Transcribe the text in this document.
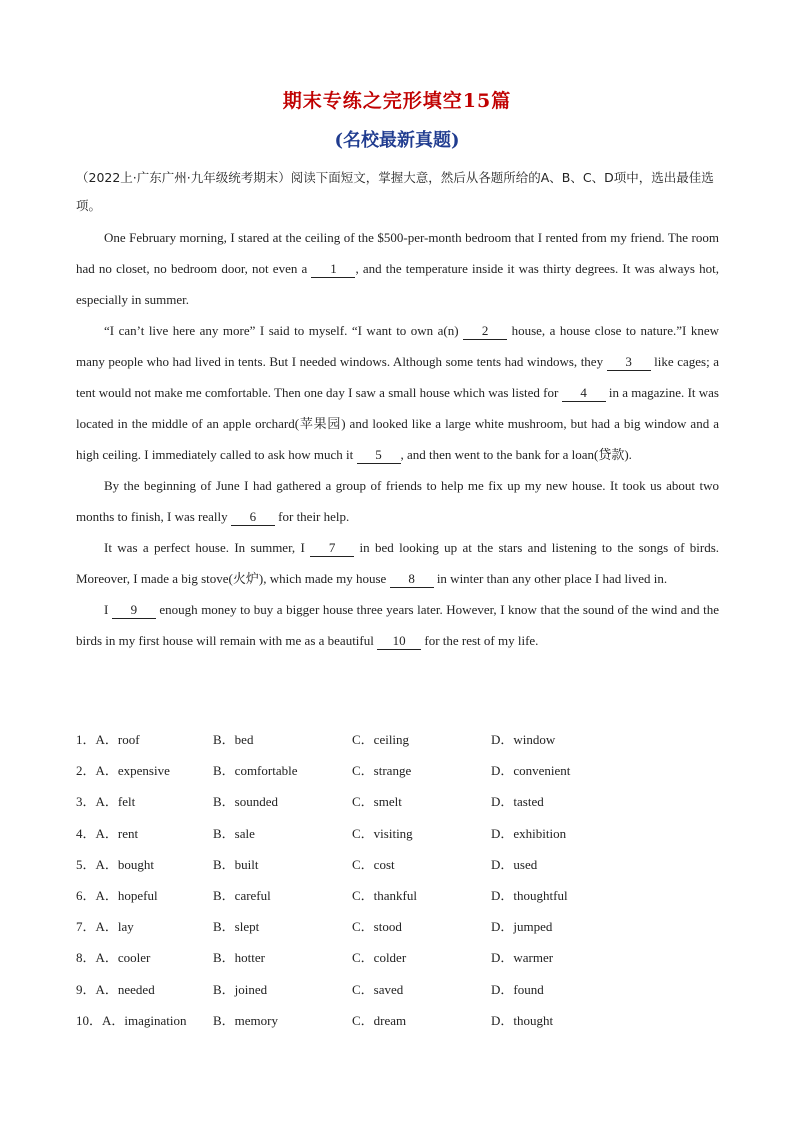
期末专练之完形填空15篇
(名校最新真题)
（2022上·广东广州·九年级统考期末）阅读下面短文，掌握大意，然后从各题所给的A、B、C、D项中，选出最佳选项。

One February morning, I stared at the ceiling of the $500-per-month bedroom that I rented from my friend. The room had no closet, no bedroom door, not even a 1 , and the temperature inside it was thirty degrees. It was always hot, especially in summer.

“I can’t live here any more” I said to myself. “I want to own a(n) 2 house, a house close to nature.”I knew many people who had lived in tents. But I needed windows. Although some tents had windows, they 3 like cages; a tent would not make me comfortable. Then one day I saw a small house which was listed for 4 in a magazine. It was located in the middle of an apple orchard(苹果园) and looked like a large white mushroom, but had a big window and a high ceiling. I immediately called to ask how much it 5 , and then went to the bank for a loan(贷款).

By the beginning of June I had gathered a group of friends to help me fix up my new house. It took us about two months to finish, I was really 6 for their help.

It was a perfect house. In summer, I 7 in bed looking up at the stars and listening to the songs of birds. Moreover, I made a big stove(火炉), which made my house 8 in winter than any other place I had lived in.

I 9 enough money to buy a bigger house three years later. However, I know that the sound of the wind and the birds in my first house will remain with me as a beautiful 10 for the rest of my life.

1．A．roof	B．bed	C．ceiling	D．window
2．A．expensive	B．comfortable	C．strange	D．convenient
3．A．felt	B．sounded	C．smelt	D．tasted
4．A．rent	B．sale	C．visiting	D．exhibition
5．A．bought	B．built	C．cost	D．used
6．A．hopeful	B．careful	C．thankful	D．thoughtful
7．A．lay	B．slept	C．stood	D．jumped
8．A．cooler	B．hotter	C．colder	D．warmer
9．A．needed	B．joined	C．saved	D．found
10．A．imagination	B．memory	C．dream	D．thought
